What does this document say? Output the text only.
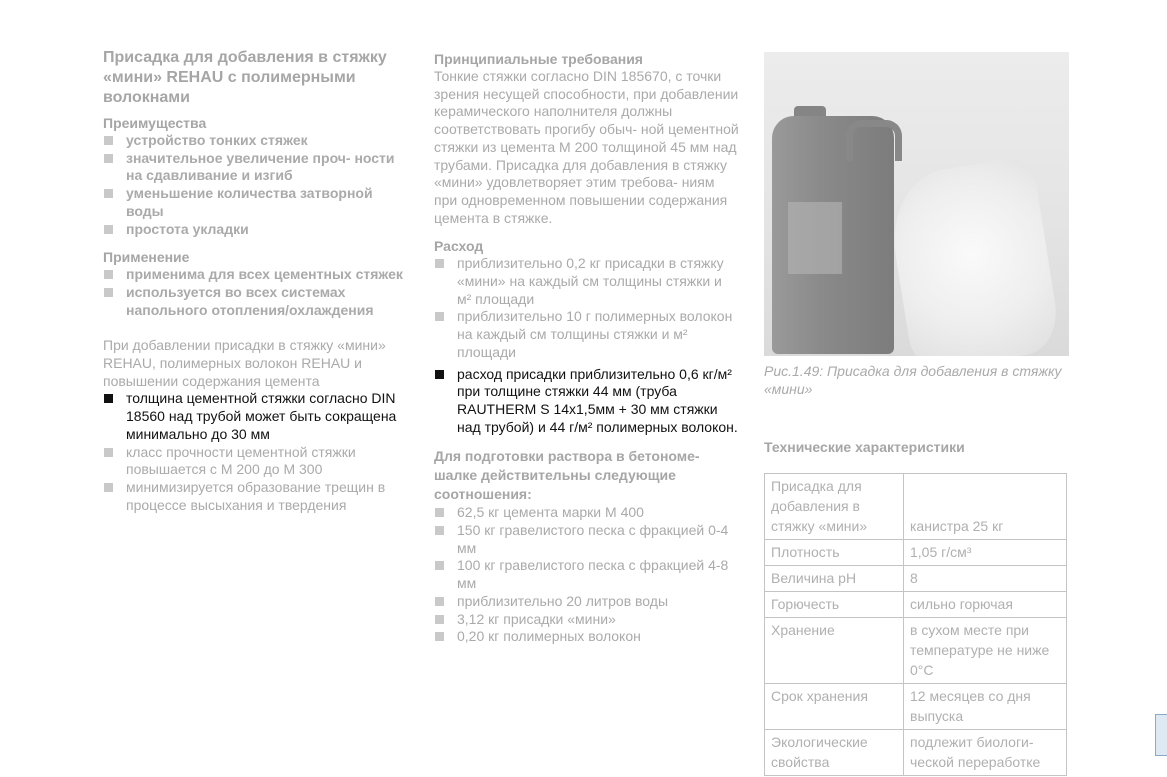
Присадка для добавления в стяжку «мини» REHAU с полимерными волокнами
Преимущества
устройство тонких стяжек
значительное увеличение проч- ности на сдавливание и изгиб
уменьшение количества затворной воды
простота укладки
Применение
применима для всех цементных стяжек
используется во всех системах напольного отопления/охлаждения

При добавлении присадки в стяжку «мини» REHAU, полимерных волокон REHAU и повышении содержания цемента

толщина цементной стяжки согласно DIN 18560 над трубой может быть сокращена минимально до 30 мм
класс прочности цементной стяжки повышается с М 200 до М 300
минимизируется образование трещин в процессе высыхания и твердения
Принципиальные требования

Тонкие стяжки согласно DIN 185670, с точки зрения несущей способности, при добавлении керамического наполнителя должны соответствовать прогибу обыч- ной цементной стяжки из цемента М 200 толщиной 45 мм над трубами. Присадка для добавления в стяжку «мини» удовлетворяет этим требова- ниям при одновременном повышении содержания цемента в стяжке.

Расход
приблизительно 0,2 кг присадки в стяжку «мини» на каждый см толщины стяжки и м² площади
приблизительно 10 г полимерных волокон на каждый см толщины стяжки и м² площади
расход присадки приблизительно 0,6 кг/м² при толщине стяжки 44 мм (труба RAUTHERM S 14x1,5мм + 30 мм стяжки над трубой) и 44 г/м² полимерных волокон.
Для подготовки раствора в бетономе- шалке действительны следующие соотношения:
62,5 кг цемента марки М 400
150 кг гравелистого песка с фракцией 0-4 мм
100 кг гравелистого песка с фракцией 4-8 мм
приблизительно 20 литров воды
3,12 кг присадки «мини»
0,20 кг полимерных волокон

Рис.1.49: Присадка для добавления в стяжку «мини»

Технические характеристики
Присадка для добавления в стяжку «мини»	канистра 25 кг
Плотность	1,05 г/см³
Величина pH	8
Горючесть	сильно горючая
Хранение	в сухом месте при температуре не ниже 0°С
Срок хранения	12 месяцев со дня выпуска
Экологические свойства	подлежит биологи- ческой переработке
